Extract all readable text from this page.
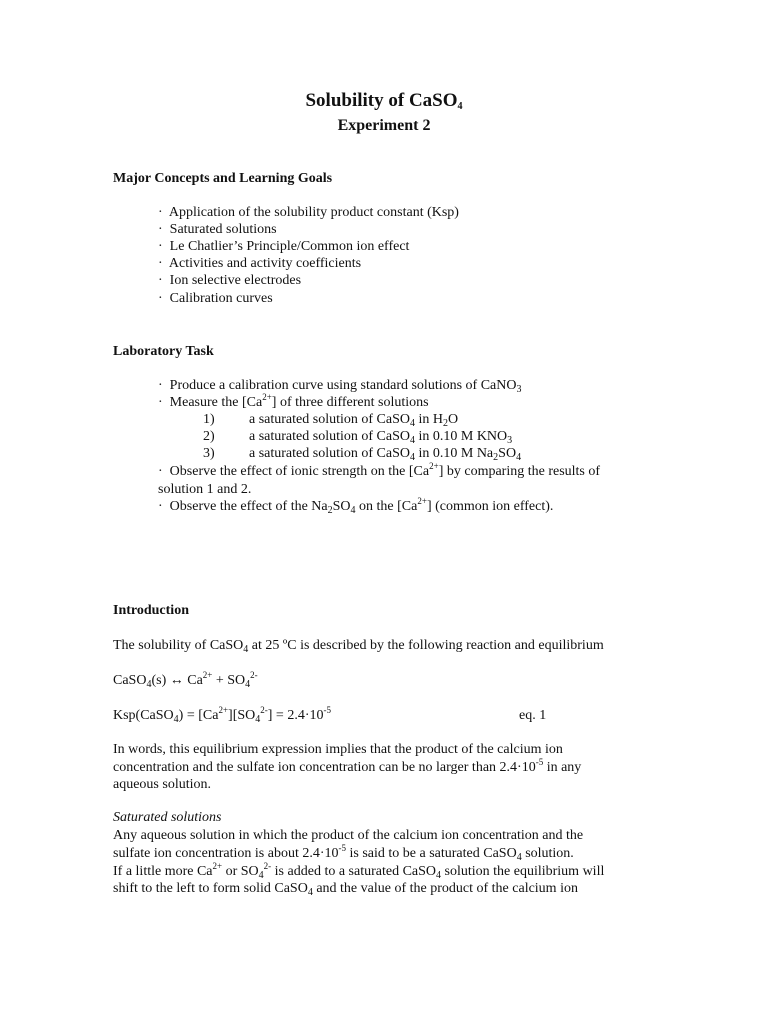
Solubility of CaSO$_4$
Experiment 2
Major Concepts and Learning Goals
· Application of the solubility product constant (Ksp)
· Saturated solutions
· Le Chatlier’s Principle/Common ion effect
· Activities and activity coefficients
· Ion selective electrodes
· Calibration curves
Laboratory Task
· Produce a calibration curve using standard solutions of CaNO$_3$
· Measure the $[Ca^{2+}]$ of three different solutions
1) a saturated solution of CaSO$_4$ in $H_2O$
2) a saturated solution of CaSO$_4$ in 0.10 M $KNO_3$
3) a saturated solution of CaSO$_4$ in 0.10 M $Na_2SO_4$
· Observe the effect of ionic strength on the $[Ca^{2+}]$ by comparing the results of
solution 1 and 2.
· Observe the effect of the $Na_2SO_4$ on the $[Ca^{2+}]$ (common ion effect).
Introduction
The solubility of CaSO$_4$ at 25 ºC is described by the following reaction and equilibrium
CaSO$_4$(s) ↔ $Ca^{2+} + SO_4^{2-}$
Ksp(CaSO$_4$) = $[Ca^{2+}][SO_4^{2-}] = 2.4\cdot 10^{-5}$	eq. 1
In words, this equilibrium expression implies that the product of the calcium ion
concentration and the sulfate ion concentration can be no larger than $2.4\cdot 10^{-5}$ in any
aqueous solution.
Saturated solutions
Any aqueous solution in which the product of the calcium ion concentration and the
sulfate ion concentration is about $2.4\cdot 10^{-5}$ is said to be a saturated CaSO$_4$ solution.
If a little more $Ca^{2+}$ or $SO_4^{2-}$ is added to a saturated CaSO$_4$ solution the equilibrium will
shift to the left to form solid CaSO$_4$ and the value of the product of the calcium ion
